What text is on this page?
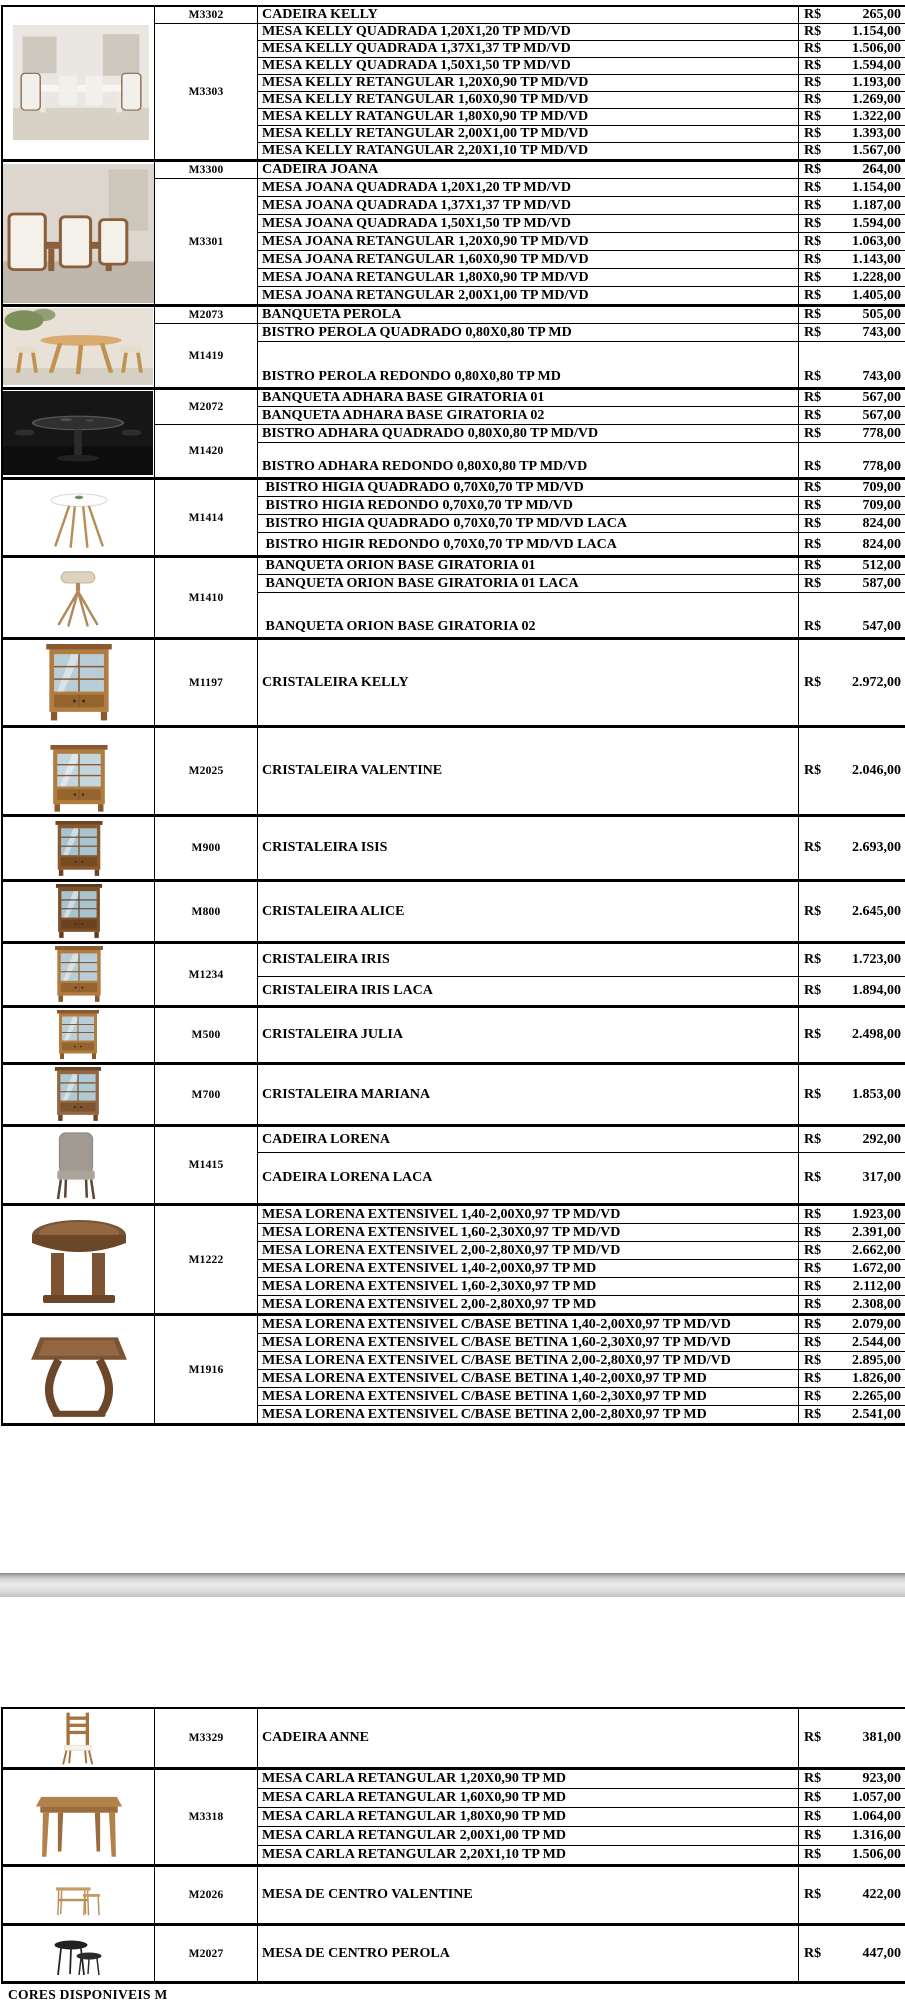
M3302	CADEIRA KELLY	R$	265,00
M3303
MESA KELLY QUADRADA 1,20X1,20 TP MD/VD	R$ 1.154,00
MESA KELLY QUADRADA 1,37X1,37 TP MD/VD	R$ 1.506,00
MESA KELLY QUADRADA 1,50X1,50 TP MD/VD	R$ 1.594,00
MESA KELLY RETANGULAR 1,20X0,90 TP MD/VD	R$ 1.193,00
MESA KELLY RETANGULAR 1,60X0,90 TP MD/VD	R$ 1.269,00
MESA KELLY RATANGULAR 1,80X0,90 TP MD/VD	R$ 1.322,00
MESA KELLY RETANGULAR 2,00X1,00 TP MD/VD	R$ 1.393,00
MESA KELLY RATANGULAR 2,20X1,10 TP MD/VD	R$ 1.567,00
M3300	CADEIRA JOANA	R$	264,00
M3301
MESA JOANA QUADRADA 1,20X1,20 TP MD/VD	R$ 1.154,00
MESA JOANA QUADRADA 1,37X1,37 TP MD/VD	R$ 1.187,00
MESA JOANA QUADRADA 1,50X1,50 TP MD/VD	R$ 1.594,00
MESA JOANA RETANGULAR 1,20X0,90 TP MD/VD	R$ 1.063,00
MESA JOANA RETANGULAR 1,60X0,90 TP MD/VD	R$ 1.143,00
MESA JOANA RETANGULAR 1,80X0,90 TP MD/VD	R$ 1.228,00
MESA JOANA RETANGULAR 2,00X1,00 TP MD/VD	R$ 1.405,00
M2073	BANQUETA PEROLA	R$	505,00
M1419
BISTRO PEROLA QUADRADO 0,80X0,80 TP MD	R$	743,00
BISTRO PEROLA REDONDO 0,80X0,80 TP MD	R$	743,00
M2072
BANQUETA ADHARA BASE GIRATORIA 01	R$	567,00
BANQUETA ADHARA BASE GIRATORIA 02	R$	567,00
M1420
BISTRO ADHARA QUADRADO 0,80X0,80 TP MD/VD	R$	778,00
BISTRO ADHARA REDONDO 0,80X0,80 TP MD/VD	R$	778,00
M1414
BISTRO HIGIA QUADRADO 0,70X0,70 TP MD/VD	R$	709,00
BISTRO HIGIA REDONDO 0,70X0,70 TP MD/VD	R$	709,00
BISTRO HIGIA QUADRADO 0,70X0,70 TP MD/VD LACA	R$	824,00
BISTRO HIGIR REDONDO 0,70X0,70 TP MD/VD LACA	R$	824,00
M1410
BANQUETA ORION BASE GIRATORIA 01	R$	512,00
BANQUETA ORION BASE GIRATORIA 01 LACA	R$	587,00
BANQUETA ORION BASE GIRATORIA 02	R$	547,00
M1197	CRISTALEIRA KELLY	R$ 2.972,00
M2025	CRISTALEIRA VALENTINE	R$ 2.046,00
M900	CRISTALEIRA ISIS	R$ 2.693,00
M800	CRISTALEIRA ALICE	R$ 2.645,00
M1234
CRISTALEIRA IRIS	R$ 1.723,00
CRISTALEIRA IRIS LACA	R$ 1.894,00
M500	CRISTALEIRA JULIA	R$ 2.498,00
M700	CRISTALEIRA MARIANA	R$ 1.853,00
M1415
CADEIRA LORENA	R$	292,00
CADEIRA LORENA LACA	R$	317,00
M1222
MESA LORENA EXTENSIVEL 1,40-2,00X0,97 TP MD/VD	R$ 1.923,00
MESA LORENA EXTENSIVEL 1,60-2,30X0,97 TP MD/VD	R$ 2.391,00
MESA LORENA EXTENSIVEL 2,00-2,80X0,97 TP MD/VD	R$ 2.662,00
MESA LORENA EXTENSIVEL 1,40-2,00X0,97 TP MD	R$ 1.672,00
MESA LORENA EXTENSIVEL 1,60-2,30X0,97 TP MD	R$ 2.112,00
MESA LORENA EXTENSIVEL 2,00-2,80X0,97 TP MD	R$ 2.308,00
M1916
MESA LORENA EXTENSIVEL C/BASE BETINA 1,40-2,00X0,97 TP MD/VD	R$ 2.079,00
MESA LORENA EXTENSIVEL C/BASE BETINA 1,60-2,30X0,97 TP MD/VD	R$ 2.544,00
MESA LORENA EXTENSIVEL C/BASE BETINA 2,00-2,80X0,97 TP MD/VD	R$ 2.895,00
MESA LORENA EXTENSIVEL C/BASE BETINA 1,40-2,00X0,97 TP MD	R$ 1.826,00
MESA LORENA EXTENSIVEL C/BASE BETINA 1,60-2,30X0,97 TP MD	R$ 2.265,00
MESA LORENA EXTENSIVEL C/BASE BETINA 2,00-2,80X0,97 TP MD	R$ 2.541,00
M3329	CADEIRA ANNE	R$	381,00
M3318
MESA CARLA RETANGULAR 1,20X0,90 TP MD	R$	923,00
MESA CARLA RETANGULAR 1,60X0,90 TP MD	R$ 1.057,00
MESA CARLA RETANGULAR 1,80X0,90 TP MD	R$ 1.064,00
MESA CARLA RETANGULAR 2,00X1,00 TP MD	R$ 1.316,00
MESA CARLA RETANGULAR 2,20X1,10 TP MD	R$ 1.506,00
M2026	MESA DE CENTRO VALENTINE	R$	422,00
M2027	MESA DE CENTRO PEROLA	R$	447,00
CORES DISPONIVEIS M
